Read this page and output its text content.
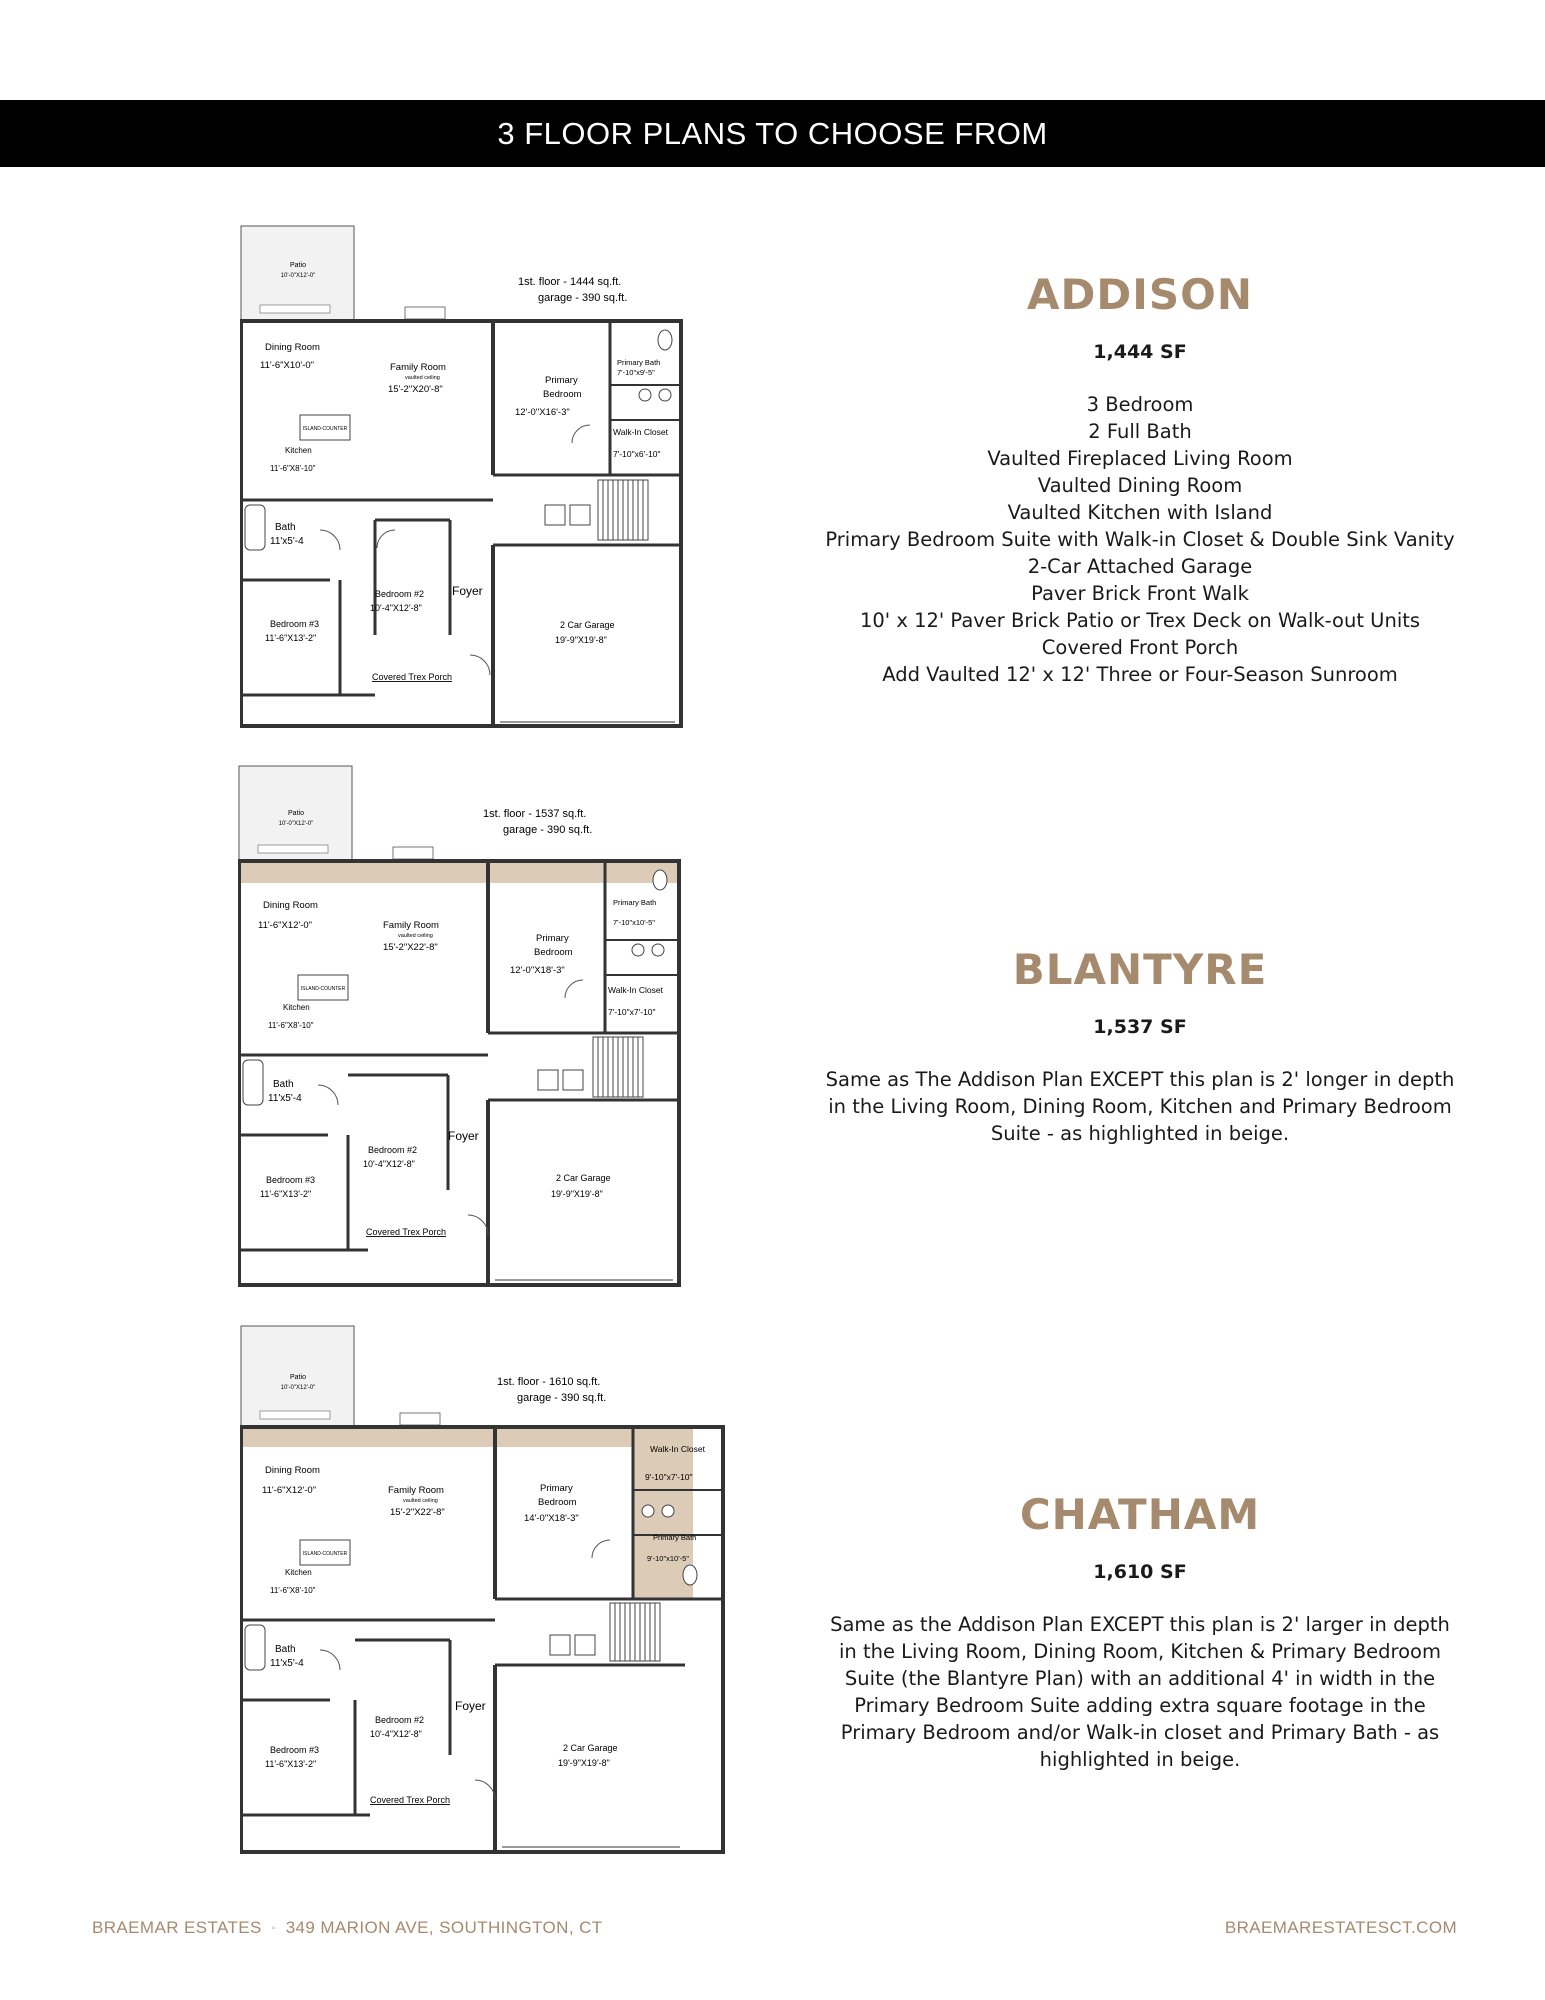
3 FLOOR PLANS TO CHOOSE FROM
Patio
10'-0"X12'-0"	1st. floor - 1444 sq.ft.
garage - 390 sq.ft.
ISLAND-COUNTER
Dining Room
11'-6"X10'-0"	Family Room
vaulted ceiling
15'-2"X20'-8"
Primary
Bedroom
12'-0"X16'-3"
Primary Bath
7'-10"x9'-5"
Walk-In Closet
7'-10"x6'-10"
Kitchen
11'-6"X8'-10"
Bath
11'x5'-4
Bedroom #2
10'-4"X12'-8"
Bedroom #3
11'-6"X13'-2"
Foyer
2 Car Garage
19'-9"X19'-8"
Covered Trex Porch
ADDISON
1,444 SF
3 Bedroom
2 Full Bath
Vaulted Fireplaced Living Room
Vaulted Dining Room
Vaulted Kitchen with Island
Primary Bedroom Suite with Walk-in Closet & Double Sink Vanity
2-Car Attached Garage
Paver Brick Front Walk
10' x 12' Paver Brick Patio or Trex Deck on Walk-out Units
Covered Front Porch
Add Vaulted 12' x 12' Three or Four-Season Sunroom
Patio
10'-0"X12'-0"
1st. floor - 1537 sq.ft.
garage - 390 sq.ft.
ISLAND-COUNTER
Dining Room
11'-6"X12'-0"	Family Room
vaulted ceiling
15'-2"X22'-8"
Primary
Bedroom
12'-0"X18'-3"
Primary Bath
7'-10"x10'-5"
Walk-In Closet
7'-10"x7'-10"
Kitchen
11'-6"X8'-10"
Bath
11'x5'-4
Bedroom #2
10'-4"X12'-8"
Bedroom #3
11'-6"X13'-2"
Foyer
2 Car Garage
19'-9"X19'-8"
Covered Trex Porch
BLANTYRE
1,537 SF
Same as The Addison Plan EXCEPT this plan is 2' longer in depth in the Living Room, Dining Room, Kitchen and Primary Bedroom Suite - as highlighted in beige.
Patio
10'-0"X12'-0"	1st. floor - 1610 sq.ft.
garage - 390 sq.ft.
ISLAND-COUNTER
Dining Room
11'-6"X12'-0"	Family Room
vaulted ceiling
15'-2"X22'-8"
Primary
Bedroom
14'-0"X18'-3"
Primary Bath
9'-10"x10'-5"
Walk-In Closet
9'-10"x7'-10"
Kitchen
11'-6"X8'-10"
Bath
11'x5'-4
Bedroom #2
10'-4"X12'-8"
Bedroom #3
11'-6"X13'-2"
Foyer
2 Car Garage
19'-9"X19'-8"
Covered Trex Porch
CHATHAM
1,610 SF
Same as the Addison Plan EXCEPT this plan is 2' larger in depth in the Living Room, Dining Room, Kitchen & Primary Bedroom Suite (the Blantyre Plan) with an additional 4' in width in the Primary Bedroom Suite adding extra square footage in the Primary Bedroom and/or Walk-in closet and Primary Bath - as highlighted in beige.
BRAEMAR ESTATES ◦ 349 MARION AVE, SOUTHINGTON, CT	BRAEMARESTATESCT.COM
